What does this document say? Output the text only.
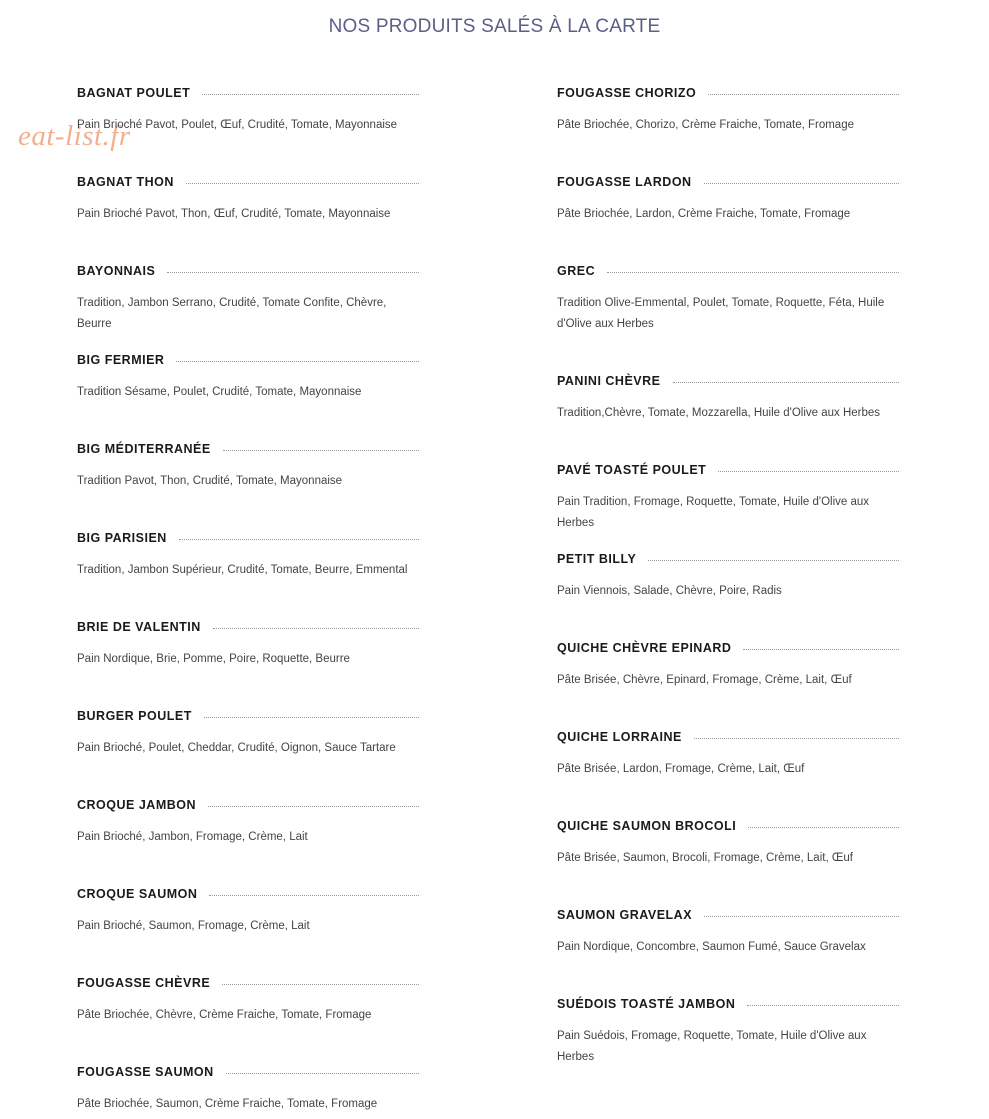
NOS PRODUITS SALÉS À LA CARTE
eat-list.fr
BAGNAT POULET
Pain Brioché Pavot, Poulet, Œuf, Crudité, Tomate, Mayonnaise
BAGNAT THON
Pain Brioché Pavot, Thon, Œuf, Crudité, Tomate, Mayonnaise
BAYONNAIS
Tradition, Jambon Serrano, Crudité, Tomate Confite, Chèvre, Beurre
BIG FERMIER
Tradition Sésame, Poulet, Crudité, Tomate, Mayonnaise
BIG MÉDITERRANÉE
Tradition Pavot, Thon, Crudité, Tomate, Mayonnaise
BIG PARISIEN
Tradition, Jambon Supérieur, Crudité, Tomate, Beurre, Emmental
BRIE DE VALENTIN
Pain Nordique, Brie, Pomme, Poire, Roquette, Beurre
BURGER POULET
Pain Brioché, Poulet, Cheddar, Crudité, Oignon, Sauce Tartare
CROQUE JAMBON
Pain Brioché, Jambon, Fromage, Crème, Lait
CROQUE SAUMON
Pain Brioché, Saumon, Fromage, Crème, Lait
FOUGASSE CHÈVRE
Pâte Briochée, Chèvre, Crème Fraiche, Tomate, Fromage
FOUGASSE SAUMON
Pâte Briochée, Saumon, Crème Fraiche, Tomate, Fromage
FOUGASSE CHORIZO
Pâte Briochée, Chorizo, Crème Fraiche, Tomate, Fromage
FOUGASSE LARDON
Pâte Briochée, Lardon, Crème Fraiche, Tomate, Fromage
GREC
Tradition Olive-Emmental, Poulet, Tomate, Roquette, Féta, Huile d'Olive aux Herbes
PANINI CHÈVRE
Tradition,Chèvre, Tomate, Mozzarella, Huile d'Olive aux Herbes
PAVÉ TOASTÉ POULET
Pain Tradition, Fromage, Roquette, Tomate, Huile d'Olive aux Herbes
PETIT BILLY
Pain Viennois, Salade, Chèvre, Poire, Radis
QUICHE CHÈVRE EPINARD
Pâte Brisée, Chèvre, Epinard, Fromage, Crème, Lait, Œuf
QUICHE LORRAINE
Pâte Brisée, Lardon, Fromage, Crème, Lait, Œuf
QUICHE SAUMON BROCOLI
Pâte Brisée, Saumon, Brocoli, Fromage, Crème, Lait, Œuf
SAUMON GRAVELAX
Pain Nordique, Concombre, Saumon Fumé, Sauce Gravelax
SUÉDOIS TOASTÉ JAMBON
Pain Suédois, Fromage, Roquette, Tomate, Huile d'Olive aux Herbes
